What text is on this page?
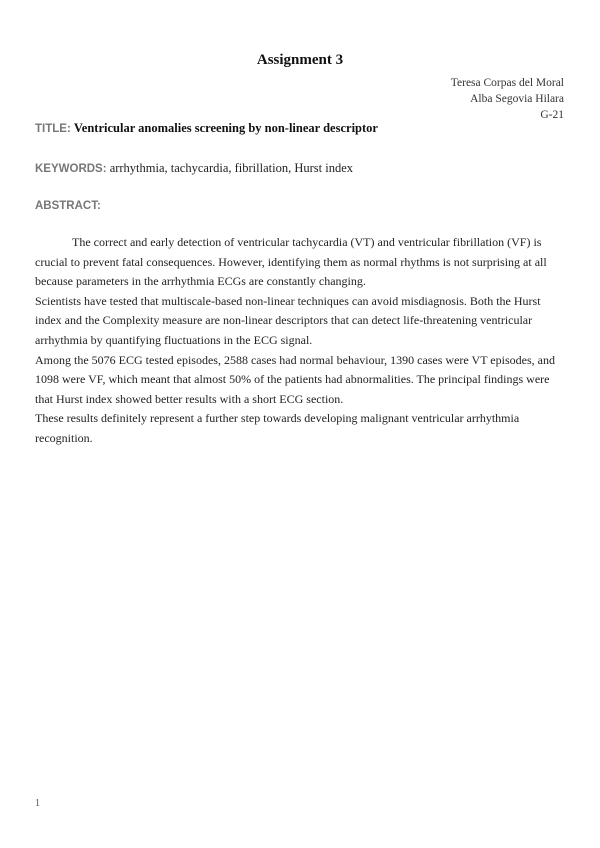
Assignment 3
Teresa Corpas del Moral
Alba Segovia Hilara
G-21
TITLE: Ventricular anomalies screening by non-linear descriptor
KEYWORDS: arrhythmia, tachycardia, fibrillation, Hurst index
ABSTRACT:

The correct and early detection of ventricular tachycardia (VT) and ventricular fibrillation (VF) is crucial to prevent fatal consequences. However, identifying them as normal rhythms is not surprising at all because parameters in the arrhythmia ECGs are constantly changing.

Scientists have tested that multiscale-based non-linear techniques can avoid misdiagnosis. Both the Hurst index and the Complexity measure are non-linear descriptors that can detect life-threatening ventricular arrhythmia by quantifying fluctuations in the ECG signal.

Among the 5076 ECG tested episodes, 2588 cases had normal behaviour, 1390 cases were VT episodes, and 1098 were VF, which meant that almost 50% of the patients had abnormalities. The principal findings were that Hurst index showed better results with a short ECG section.

These results definitely represent a further step towards developing malignant ventricular arrhythmia recognition.

1
